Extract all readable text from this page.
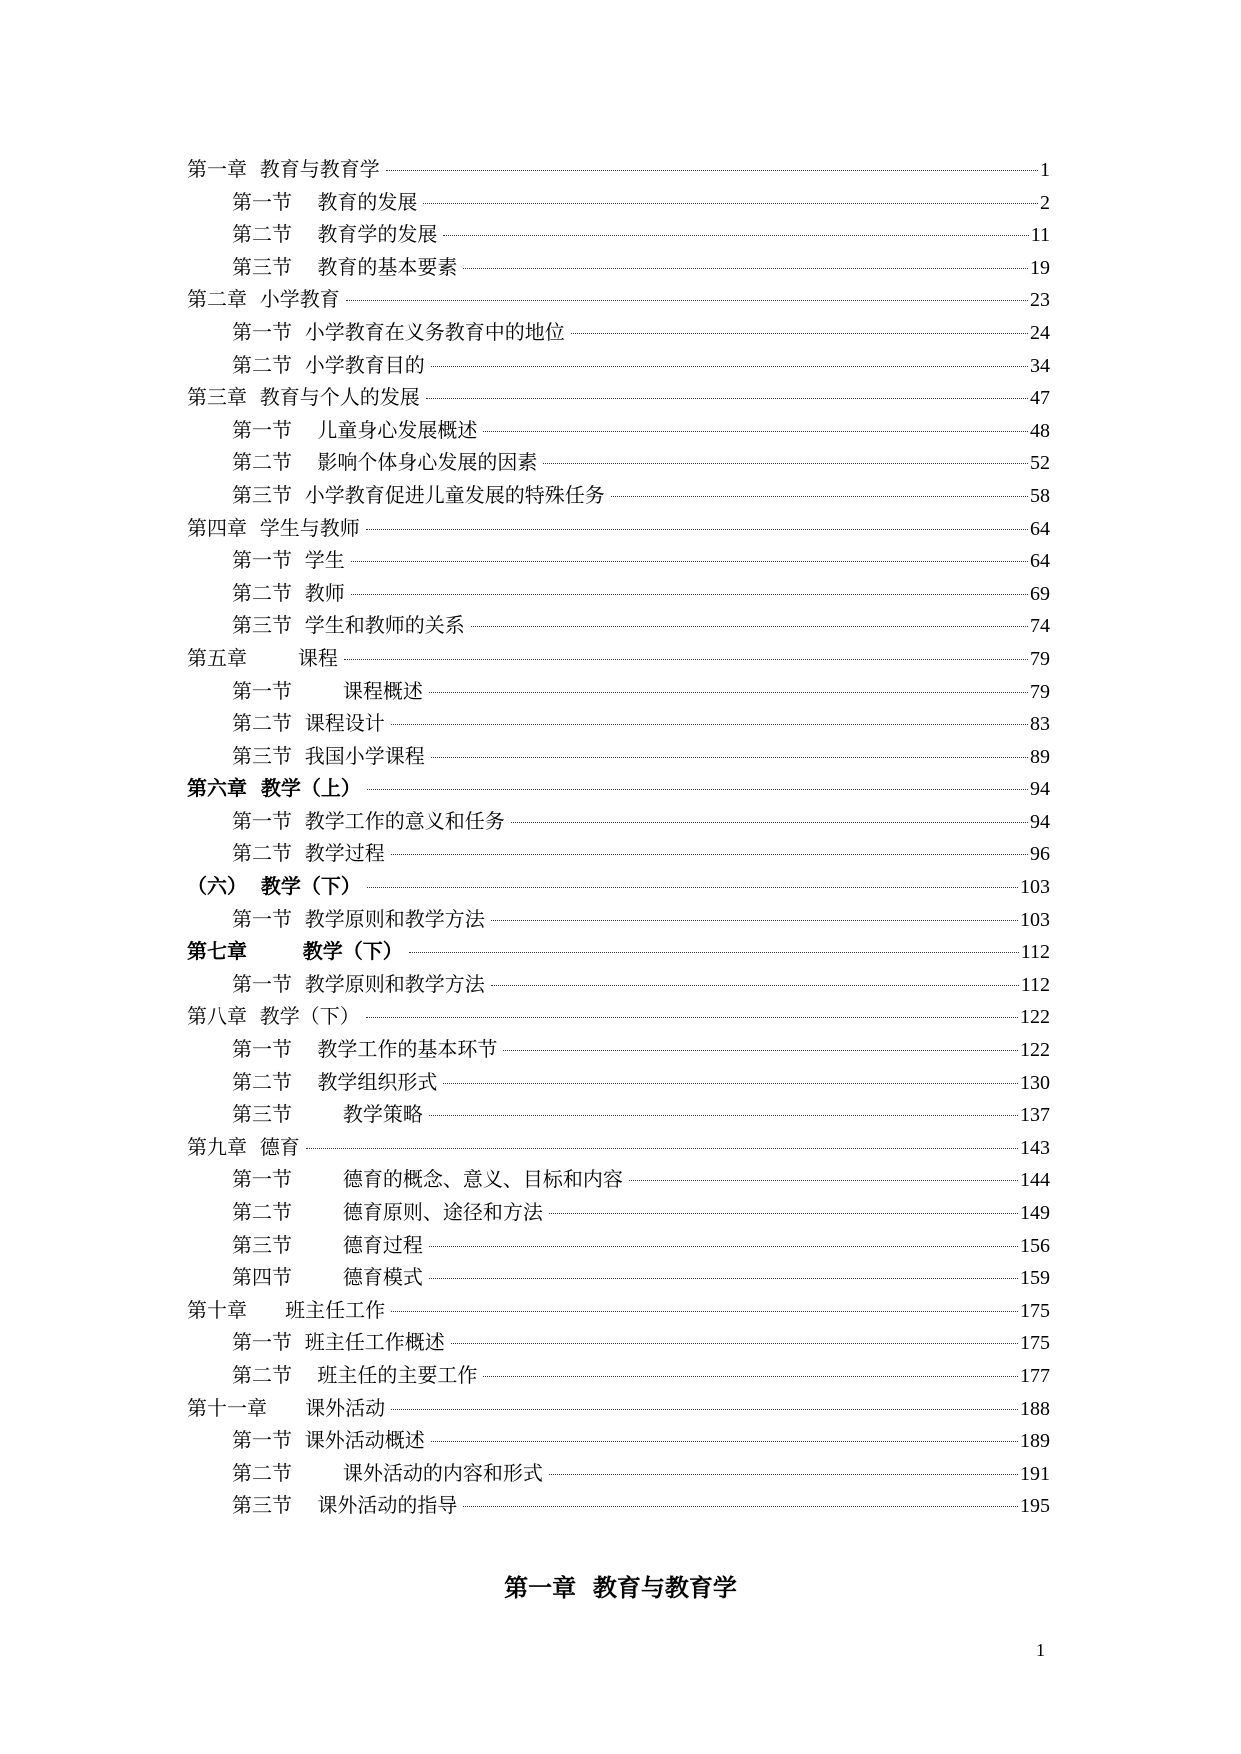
第一章  教育与教育学	1
第一节    教育的发展	2
第二节    教育学的发展	11
第三节    教育的基本要素	19
第二章  小学教育	23
第一节  小学教育在义务教育中的地位	24
第二节  小学教育目的	34
第三章  教育与个人的发展	47
第一节    儿童身心发展概述	48
第二节    影响个体身心发展的因素	52
第三节  小学教育促进儿童发展的特殊任务	58
第四章  学生与教师	64
第一节  学生	64
第二节  教师	69
第三节  学生和教师的关系	74
第五章        课程	79
第一节        课程概述	79
第二节  课程设计	83
第三节  我国小学课程	89
第六章  教学（上）	94
第一节  教学工作的意义和任务	94
第二节  教学过程	96
（六）  教学（下）	103
第一节  教学原则和教学方法	103
第七章        教学（下）	112
第一节  教学原则和教学方法	112
第八章  教学（下）	122
第一节    教学工作的基本环节	122
第二节    教学组织形式	130
第三节        教学策略	137
第九章  德育	143
第一节        德育的概念、意义、目标和内容	144
第二节        德育原则、途径和方法	149
第三节        德育过程	156
第四节        德育模式	159
第十章      班主任工作	175
第一节  班主任工作概述	175
第二节    班主任的主要工作	177
第十一章      课外活动	188
第一节  课外活动概述	189
第二节        课外活动的内容和形式	191
第三节    课外活动的指导	195
第一章  教育与教育学
1
